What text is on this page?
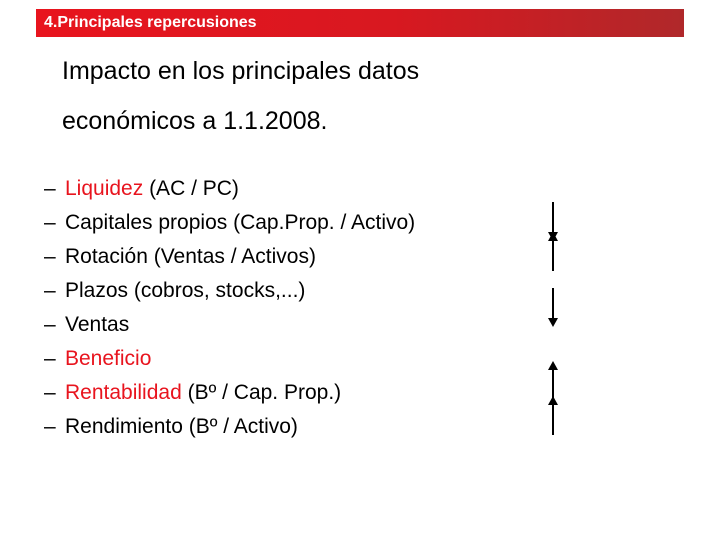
4.Principales repercusiones
Impacto en los principales datos
económicos a 1.1.2008.
– Liquidez (AC / PC)
– Capitales propios (Cap.Prop. / Activo)
– Rotación (Ventas / Activos)
– Plazos (cobros, stocks,...)
– Ventas
– Beneficio
– Rentabilidad (Bº / Cap. Prop.)
– Rendimiento (Bº / Activo)
